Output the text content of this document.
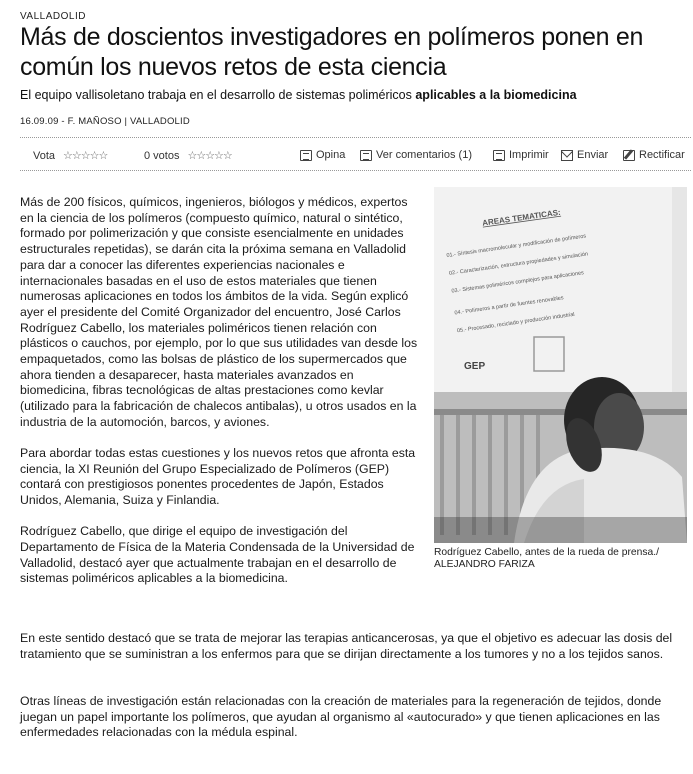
VALLADOLID
Más de doscientos investigadores en polímeros ponen en común los nuevos retos de esta ciencia
El equipo vallisoletano trabaja en el desarrollo de sistemas poliméricos aplicables a la biomedicina
16.09.09 - F. MAÑOSO | VALLADOLID
Vota ☆☆☆☆☆	0 votos ☆☆☆☆☆	Opina	Ver comentarios (1)	Imprimir	Enviar	Rectificar

Más de 200 físicos, químicos, ingenieros, biólogos y médicos, expertos en la ciencia de los polímeros (compuesto químico, natural o sintético, formado por polimerización y que consiste esencialmente en unidades estructurales repetidas), se darán cita la próxima semana en Valladolid para dar a conocer las diferentes experiencias nacionales e internacionales basadas en el uso de estos materiales que tienen numerosas aplicaciones en todos los ámbitos de la vida. Según explicó ayer el presidente del Comité Organizador del encuentro, José Carlos Rodríguez Cabello, los materiales poliméricos tienen relación con plásticos o cauchos, por ejemplo, por lo que sus utilidades van desde los empaquetados, como las bolsas de plástico de los supermercados que ahora tienden a desaparecer, hasta materiales avanzados en biomedicina, fibras tecnológicas de altas prestaciones como kevlar (utilizado para la fabricación de chalecos antibalas), u otros usados en la industria de la automoción, barcos, y aviones.

Para abordar todas estas cuestiones y los nuevos retos que afronta esta ciencia, la XI Reunión del Grupo Especializado de Polímeros (GEP) contará con prestigiosos ponentes procedentes de Japón, Estados Unidos, Alemania, Suiza y Finlandia.

Rodríguez Cabello, que dirige el equipo de investigación del Departamento de Física de la Materia Condensada de la Universidad de Valladolid, destacó ayer que actualmente trabajan en el desarrollo de sistemas poliméricos aplicables a la biomedicina.

En este sentido destacó que se trata de mejorar las terapias anticancerosas, ya que el objetivo es adecuar las dosis del tratamiento que se suministran a los enfermos para que se dirijan directamente a los tumores y no a los tejidos sanos.

Otras líneas de investigación están relacionadas con la creación de materiales para la regeneración de tejidos, donde juegan un papel importante los polímeros, que ayudan al organismo al «autocurado» y que tienen aplicaciones en las enfermedades relacionadas con la médula espinal.

AREAS TEMATICAS:
01.- Síntesis macromolecular y modificación de polímeros
02.- Caracterización, estructura propiedades y simulación
03.- Sistemas poliméricos complejos para aplicaciones
04.- Polímeros a partir de fuentes renovables
05.- Procesado, reciclado y producción industrial
GEP
Rodríguez Cabello, antes de la rueda de prensa./ ALEJANDRO FARIZA
